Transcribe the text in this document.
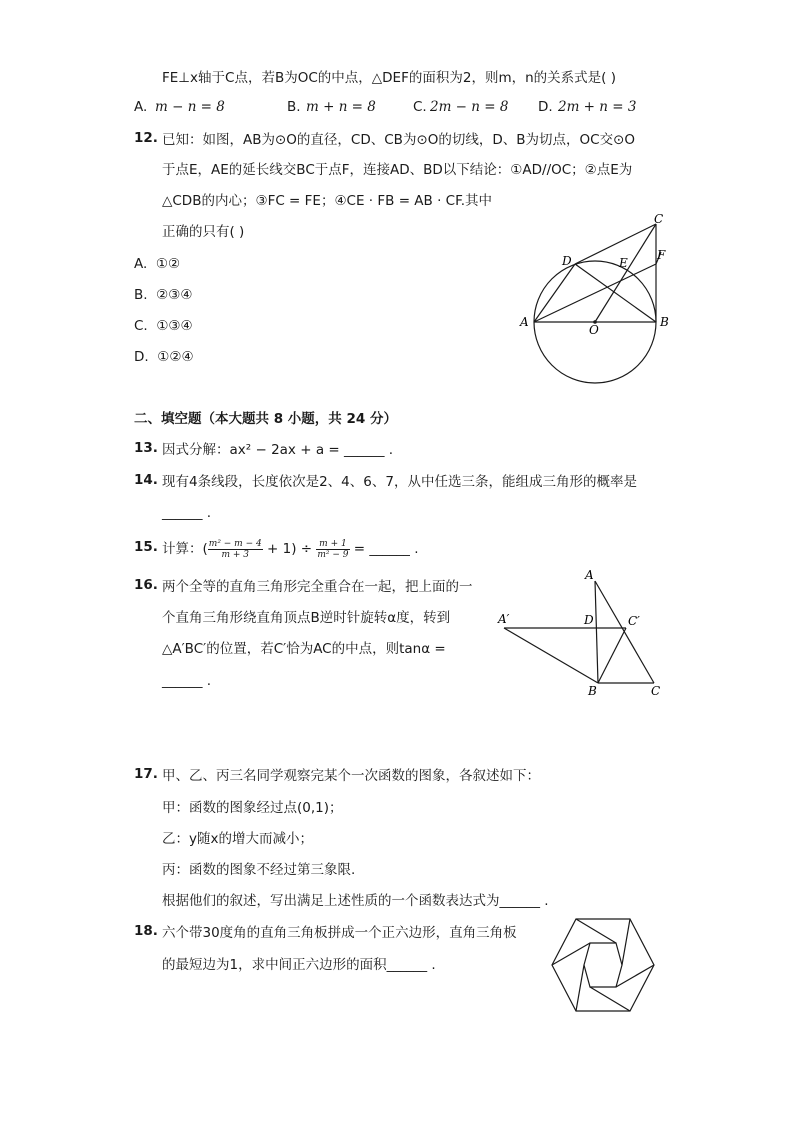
FE⊥x轴于C点，若B为OC的中点，△DEF的面积为2，则m，n的关系式是( )
A. m − n = 8	B. m + n = 8	C. 2m − n = 8 D. 2m + n = 3
12. 已知：如图，AB为⊙O的直径，CD、CB为⊙O的切线，D、B为切点，OC交⊙O
于点E，AE的延长线交BC于点F，连接AD、BD以下结论：①AD//OC；②点E为
△CDB的内心；③FC = FE；④CE · FB = AB · CF.其中
正确的只有( )
A. ①②
B. ②③④
C. ①③④
D. ①②④
C
D	E
F
A	B
O
二、填空题（本大题共 8 小题，共 24 分）
13. 因式分解：ax² − 2ax + a = ______ .
14. 现有4条线段，长度依次是2、4、6、7，从中任选三条，能组成三角形的概率是
______ .
15. 计算：( $\frac{\text{m² − m − 4}}{m + 3} + 1) \div \frac{m + 1}{\text{m² − 9}}$ = ______ .
16. 两个全等的直角三角形完全重合在一起，把上面的一
个直角三角形绕直角顶点B逆时针旋转α度，转到
△A′BC′的位置，若C′恰为AC的中点，则tanα =
______ .
A
A′	D	C′
B	C
17. 甲、乙、丙三名同学观察完某个一次函数的图象，各叙述如下：
甲：函数的图象经过点(0,1)；
乙：y随x的增大而减小；
丙：函数的图象不经过第三象限.
根据他们的叙述，写出满足上述性质的一个函数表达式为______ .
18. 六个带30度角的直角三角板拼成一个正六边形，直角三角板
的最短边为1，求中间正六边形的面积______ .
